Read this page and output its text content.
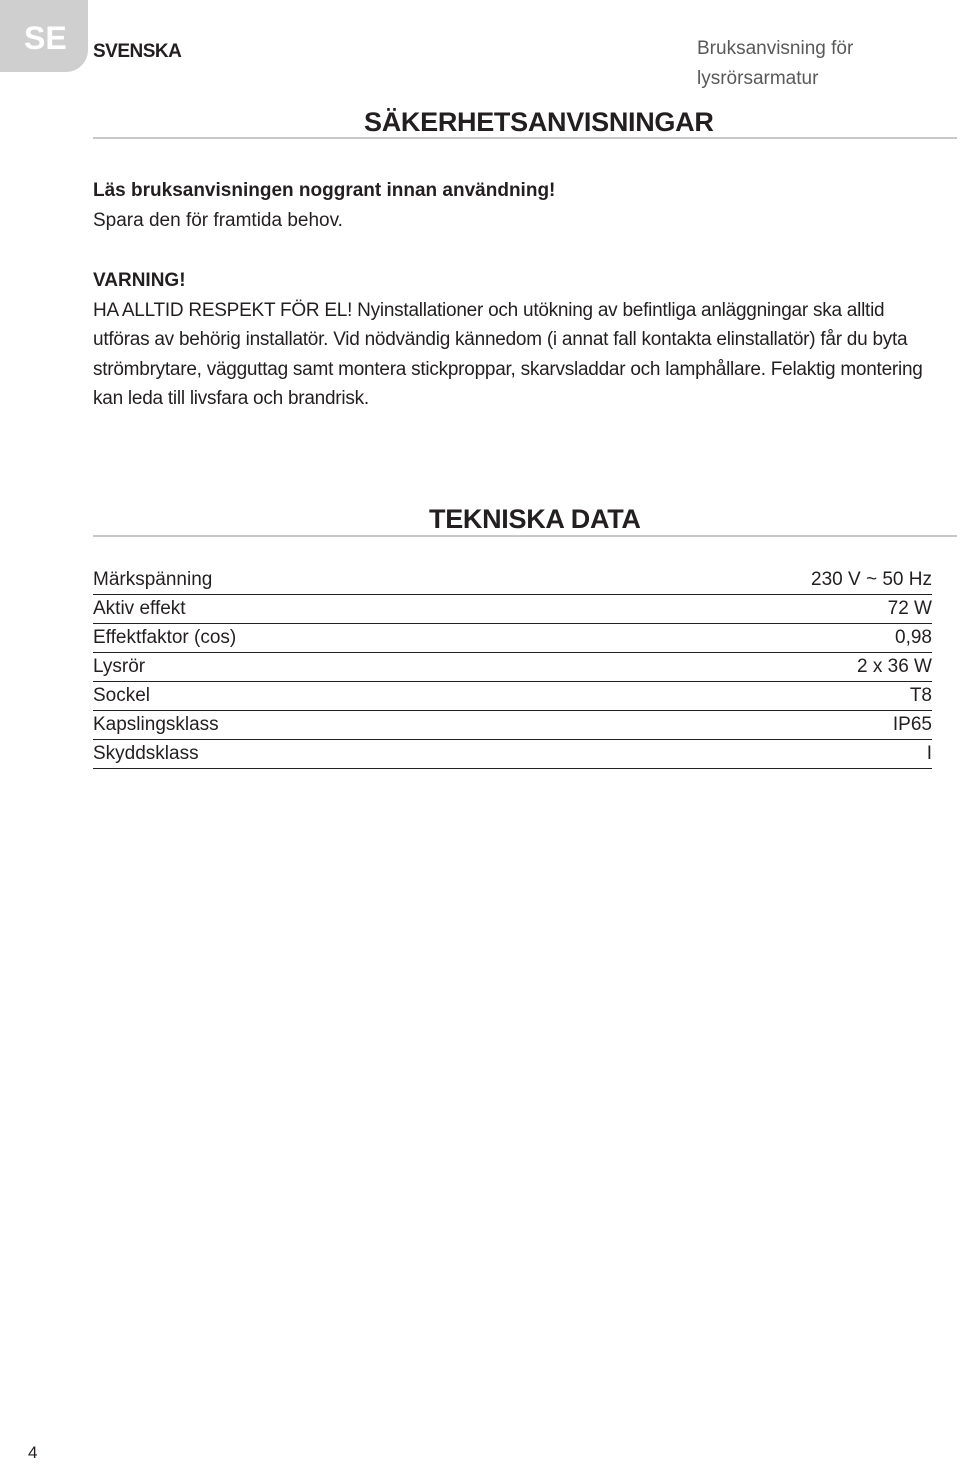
SE SVENSKA	Bruksanvisning för lysrörsarmatur
SÄKERHETSANVISNINGAR
Läs bruksanvisningen noggrant innan användning!
Spara den för framtida behov.
VARNING!
HA ALLTID RESPEKT FÖR EL! Nyinstallationer och utökning av befintliga anläggningar ska alltid utföras av behörig installatör. Vid nödvändig kännedom (i annat fall kontakta elinstallatör) får du byta strömbrytare, vägguttag samt montera stickproppar, skarvsladdar och lamphållare. Felaktig montering kan leda till livsfara och brandrisk.
TEKNISKA DATA
Märkspänning	230 V ~ 50 Hz
Aktiv effekt	72 W
Effektfaktor (cos)	0,98
Lysrör	2 x 36 W
Sockel	T8
Kapslingsklass	IP65
Skyddsklass	I
4
